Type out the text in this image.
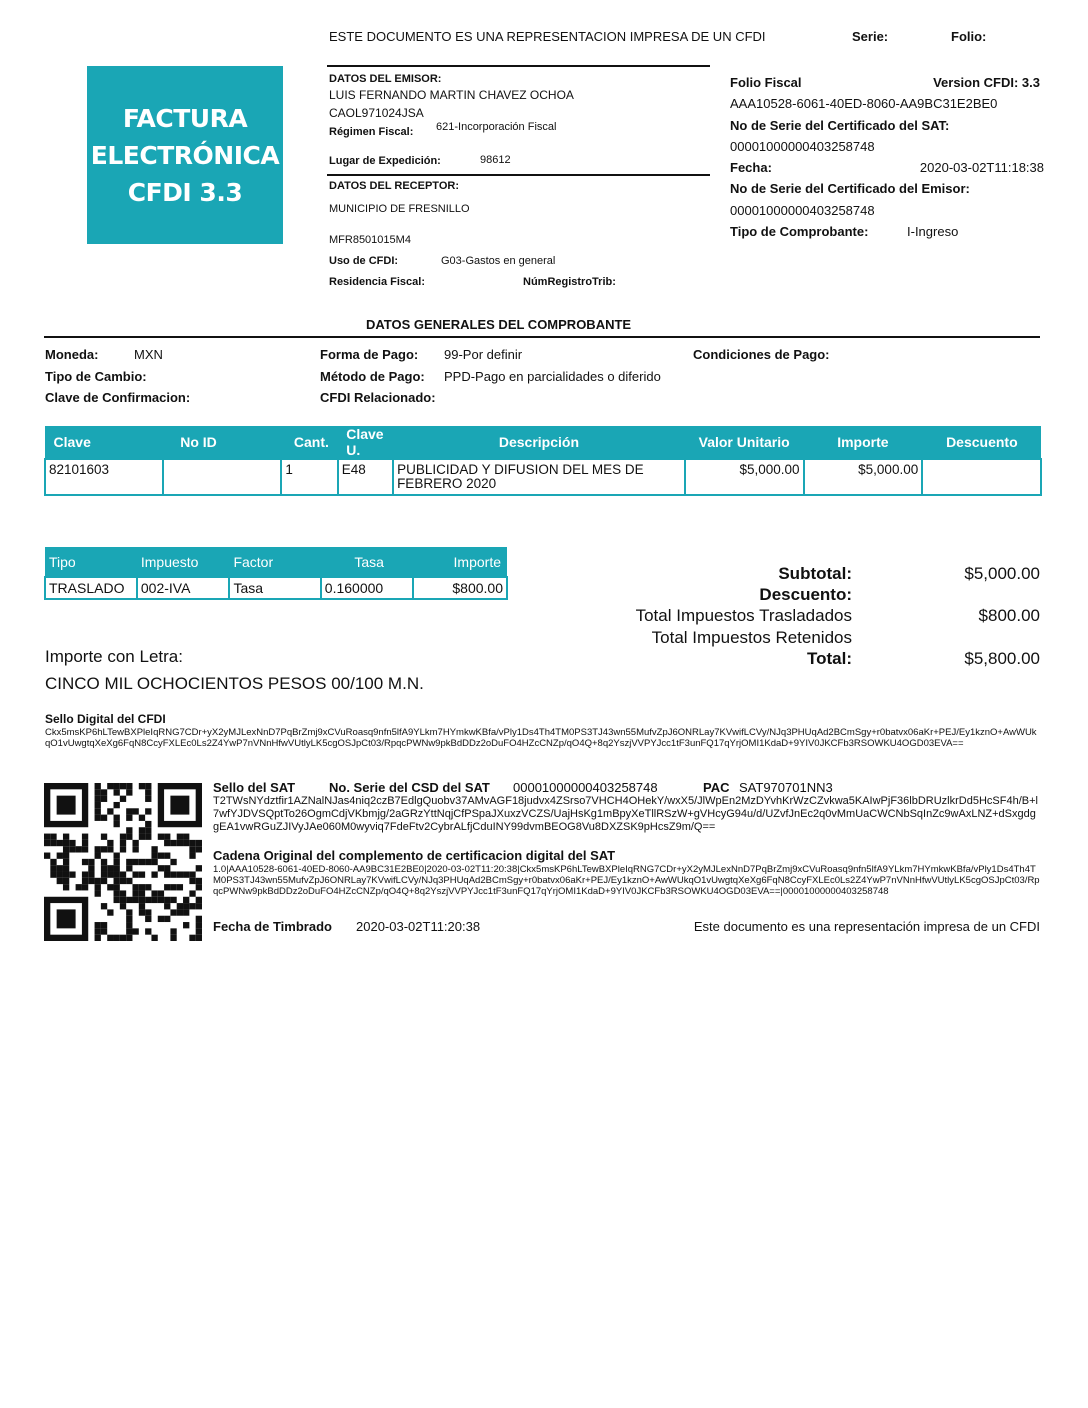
ESTE DOCUMENTO ES UNA REPRESENTACION IMPRESA DE UN CFDI	Serie:	Folio:
FACTURA
ELECTRÓNICA
CFDI 3.3
DATOS DEL EMISOR:
LUIS FERNANDO MARTIN CHAVEZ OCHOA
CAOL971024JSA
Régimen Fiscal: 621-Incorporación Fiscal
Lugar de Expedición:	98612
DATOS DEL RECEPTOR:
MUNICIPIO DE FRESNILLO
MFR8501015M4
Uso de CFDI:	G03-Gastos en general
Residencia Fiscal:	NúmRegistroTrib:
Folio Fiscal	Version CFDI: 3.3
AAA10528-6061-40ED-8060-AA9BC31E2BE0
No de Serie del Certificado del SAT:
00001000000403258748
Fecha:	2020-03-02T11:18:38
No de Serie del Certificado del Emisor:
00001000000403258748
Tipo de Comprobante:	I-Ingreso
DATOS GENERALES DEL COMPROBANTE
Moneda:	MXN
Tipo de Cambio:
Clave de Confirmacion:
Forma de Pago: 99-Por definir
Método de Pago: PPD-Pago en parcialidades o diferido
CFDI Relacionado:
Condiciones de Pago:
Clave	No ID	Cant.	Clave U.	Descripción	Valor Unitario	Importe	Descuento
82101603		1	E48	PUBLICIDAD Y DIFUSION DEL MES DE FEBRERO 2020	$5,000.00	$5,000.00	
Tipo	Impuesto	Factor	Tasa	Importe
TRASLADO	002-IVA	Tasa	0.160000	$800.00
Subtotal:	$5,000.00
Descuento:
Total Impuestos Trasladados	$800.00
Total Impuestos Retenidos
Total:	$5,800.00
Importe con Letra:
CINCO MIL OCHOCIENTOS PESOS 00/100 M.N.
Sello Digital del CFDI
Ckx5msKP6hLTewBXPleIqRNG7CDr+yX2yMJLexNnD7PqBrZmj9xCVuRoasq9nfn5lfA9YLkm7HYmkwKBfa/vPly1Ds4Th4TM0PS3TJ43wn55MufvZpJ6ONRLay7KVwifLCVy/NJq3PHUqAd2BCmSgy+r0batvx06aKr+PEJ/Ey1kznO+AwWUkqO1vUwgtqXeXg6FqN8CcyFXLEc0Ls2Z4YwP7nVNnHfwVUtlyLK5cgOSJpCt03/RpqcPWNw9pkBdDDz2oDuFO4HZcCNZp/qO4Q+8q2YszjVVPYJcc1tF3unFQ17qYrjOMI1KdaD+9YIV0JKCFb3RSOWKU4OGD03EVA==
Sello del SAT	No. Serie del CSD del SAT 00001000000403258748	PAC SAT970701NN3
T2TWsNYdztfir1AZNalNJas4niq2czB7EdlgQuobv37AMvAGF18judvx4ZSrso7VHCH4OHekY/wxX5/JlWpEn2MzDYvhKrWzCZvkwa5KAIwPjF36lbDRUzlkrDd5HcSF4h/B+l7wfYJDVSQptTo26OgmCdjVKbmjg/2aGRzYttNqjCfPSpaJXuxzVCZS/UajHsKg1mBpyXeTllRSzW+gVHcyG94u/d/UZvfJnEc2q0vMmUaCWCNbSqInZc9wAxLNZ+dSxgdggEA1vwRGuZJIVyJAe060M0wyviq7FdeFtv2CybrALfjCduINY99dvmBEOG8Vu8DXZSK9pHcsZ9m/Q==
Cadena Original del complemento de certificacion digital del SAT
1.0|AAA10528-6061-40ED-8060-AA9BC31E2BE0|2020-03-02T11:20:38|Ckx5msKP6hLTewBXPleIqRNG7CDr+yX2yMJLexNnD7PqBrZmj9xCVuRoasq9nfn5lfA9YLkm7HYmkwKBfa/vPly1Ds4Th4TM0PS3TJ43wn55MufvZpJ6ONRLay7KVwifLCVy/NJq3PHUqAd2BCmSgy+r0batvx06aKr+PEJ/Ey1kznO+AwWUkqO1vUwgtqXeXg6FqN8CcyFXLEc0Ls2Z4YwP7nVNnHfwVUtlyLK5cgOSJpCt03/RpqcPWNw9pkBdDDz2oDuFO4HZcCNZp/qO4Q+8q2YszjVVPYJcc1tF3unFQ17qYrjOMI1KdaD+9YIV0JKCFb3RSOWKU4OGD03EVA==|00001000000403258748
Fecha de Timbrado 2020-03-02T11:20:38	Este documento es una representación impresa de un CFDI
